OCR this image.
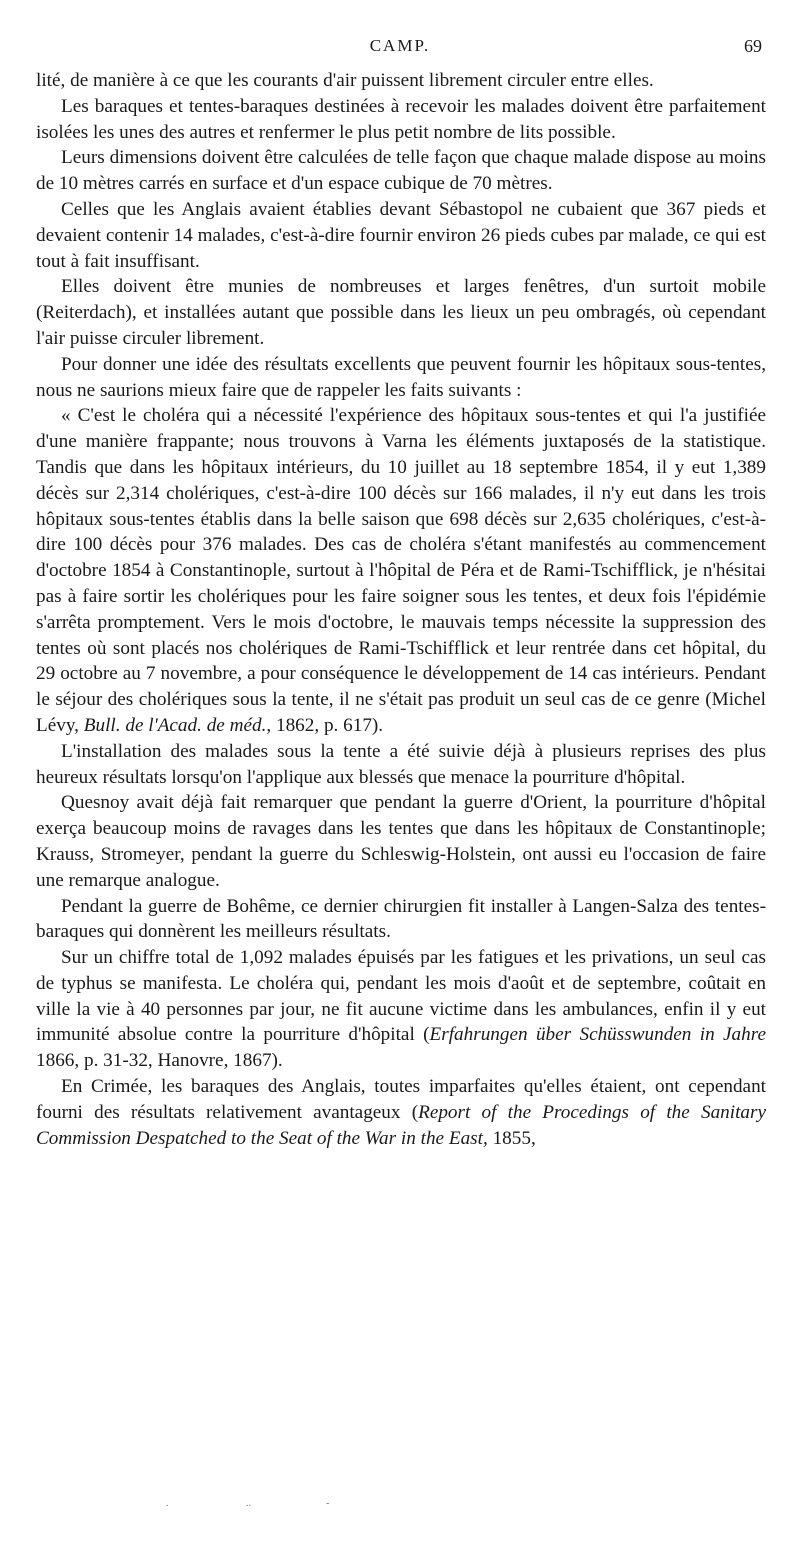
CAMP.	69

lité, de manière à ce que les courants d'air puissent librement circuler entre elles.

Les baraques et tentes-baraques destinées à recevoir les malades doivent être parfaitement isolées les unes des autres et renfermer le plus petit nombre de lits possible.

Leurs dimensions doivent être calculées de telle façon que chaque malade dispose au moins de 10 mètres carrés en surface et d'un espace cubique de 70 mètres.

Celles que les Anglais avaient établies devant Sébastopol ne cubaient que 367 pieds et devaient contenir 14 malades, c'est-à-dire fournir environ 26 pieds cubes par malade, ce qui est tout à fait insuffisant.

Elles doivent être munies de nombreuses et larges fenêtres, d'un surtoit mobile (Reiterdach), et installées autant que possible dans les lieux un peu ombragés, où cependant l'air puisse circuler librement.

Pour donner une idée des résultats excellents que peuvent fournir les hôpitaux sous-tentes, nous ne saurions mieux faire que de rappeler les faits suivants :

« C'est le choléra qui a nécessité l'expérience des hôpitaux sous-tentes et qui l'a justifiée d'une manière frappante; nous trouvons à Varna les éléments juxtaposés de la statistique. Tandis que dans les hôpitaux intérieurs, du 10 juillet au 18 septembre 1854, il y eut 1,389 décès sur 2,314 cholériques, c'est-à-dire 100 décès sur 166 malades, il n'y eut dans les trois hôpitaux sous-tentes établis dans la belle saison que 698 décès sur 2,635 cholériques, c'est-à-dire 100 décès pour 376 malades. Des cas de choléra s'étant manifestés au commencement d'octobre 1854 à Constantinople, surtout à l'hôpital de Péra et de Rami-Tschifflick, je n'hésitai pas à faire sortir les cholériques pour les faire soigner sous les tentes, et deux fois l'épidémie s'arrêta promptement. Vers le mois d'octobre, le mauvais temps nécessite la suppression des tentes où sont placés nos cholériques de Rami-Tschifflick et leur rentrée dans cet hôpital, du 29 octobre au 7 novembre, a pour conséquence le développement de 14 cas intérieurs. Pendant le séjour des cholériques sous la tente, il ne s'était pas produit un seul cas de ce genre (Michel Lévy, Bull. de l'Acad. de méd., 1862, p. 617).

L'installation des malades sous la tente a été suivie déjà à plusieurs reprises des plus heureux résultats lorsqu'on l'applique aux blessés que menace la pourriture d'hôpital.

Quesnoy avait déjà fait remarquer que pendant la guerre d'Orient, la pourriture d'hôpital exerça beaucoup moins de ravages dans les tentes que dans les hôpitaux de Constantinople; Krauss, Stromeyer, pendant la guerre du Schleswig-Holstein, ont aussi eu l'occasion de faire une remarque analogue.

Pendant la guerre de Bohême, ce dernier chirurgien fit installer à Langen-Salza des tentes-baraques qui donnèrent les meilleurs résultats.

Sur un chiffre total de 1,092 malades épuisés par les fatigues et les privations, un seul cas de typhus se manifesta. Le choléra qui, pendant les mois d'août et de septembre, coûtait en ville la vie à 40 personnes par jour, ne fit aucune victime dans les ambulances, enfin il y eut immunité absolue contre la pourriture d'hôpital (Erfahrungen über Schüsswunden in Jahre 1866, p. 31-32, Hanovre, 1867).

En Crimée, les baraques des Anglais, toutes imparfaites qu'elles étaient, ont cependant fourni des résultats relativement avantageux (Report of the Procedings of the Sanitary Commission Despatched to the Seat of the War in the East, 1855,

.	..	-
